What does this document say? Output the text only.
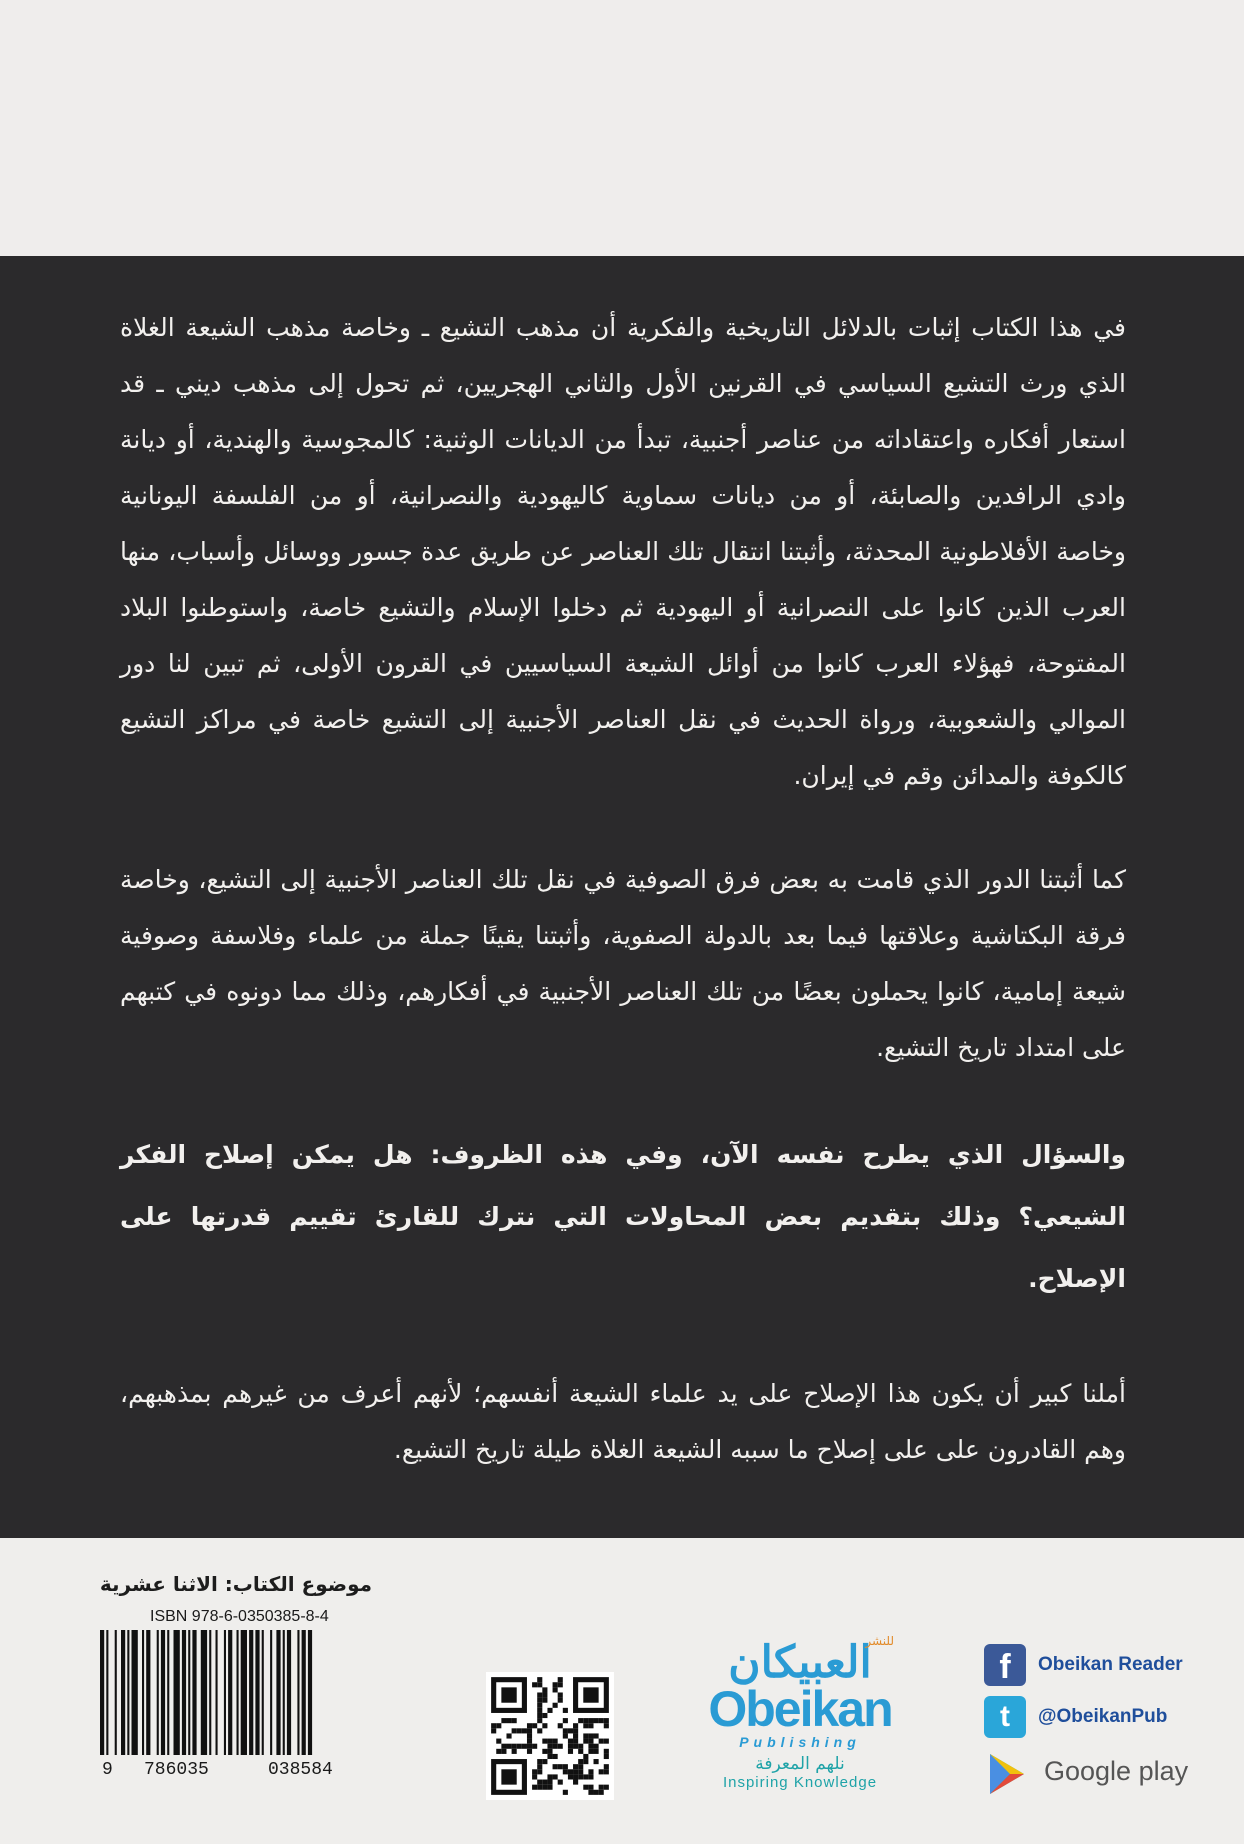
في هذا الكتاب إثبات بالدلائل التاريخية والفكرية أن مذهب التشيع ـ وخاصة مذهب الشيعة الغلاة الذي ورث التشيع السياسي في القرنين الأول والثاني الهجريين، ثم تحول إلى مذهب ديني ـ قد استعار أفكاره واعتقاداته من عناصر أجنبية، تبدأ من الديانات الوثنية: كالمجوسية والهندية، أو ديانة وادي الرافدين والصابئة، أو من ديانات سماوية كاليهودية والنصرانية، أو من الفلسفة اليونانية وخاصة الأفلاطونية المحدثة، وأثبتنا انتقال تلك العناصر عن طريق عدة جسور ووسائل وأسباب، منها العرب الذين كانوا على النصرانية أو اليهودية ثم دخلوا الإسلام والتشيع خاصة، واستوطنوا البلاد المفتوحة، فهؤلاء العرب كانوا من أوائل الشيعة السياسيين في القرون الأولى، ثم تبين لنا دور الموالي والشعوبية، ورواة الحديث في نقل العناصر الأجنبية إلى التشيع خاصة في مراكز التشيع كالكوفة والمدائن وقم في إيران.

كما أثبتنا الدور الذي قامت به بعض فرق الصوفية في نقل تلك العناصر الأجنبية إلى التشيع، وخاصة فرقة البكتاشية وعلاقتها فيما بعد بالدولة الصفوية، وأثبتنا يقينًا جملة من علماء وفلاسفة وصوفية شيعة إمامية، كانوا يحملون بعضًا من تلك العناصر الأجنبية في أفكارهم، وذلك مما دونوه في كتبهم على امتداد تاريخ التشيع.

والسؤال الذي يطرح نفسه الآن، وفي هذه الظروف: هل يمكن إصلاح الفكر الشيعي؟ وذلك بتقديم بعض المحاولات التي نترك للقارئ تقييم قدرتها على الإصلاح.

أملنا كبير أن يكون هذا الإصلاح على يد علماء الشيعة أنفسهم؛ لأنهم أعرف من غيرهم بمذهبهم، وهم القادرون على على إصلاح ما سببه الشيعة الغلاة طيلة تاريخ التشيع.

موضوع الكتاب: الاثنا عشرية
ISBN 978-6-0350385-8-4
9 786035	038584
للنشر
العبيكان
Obeikan
Publishing
نلهم المعرفة
Inspiring Knowledge
f	Obeikan Reader
t	@ObeikanPub
Google play
